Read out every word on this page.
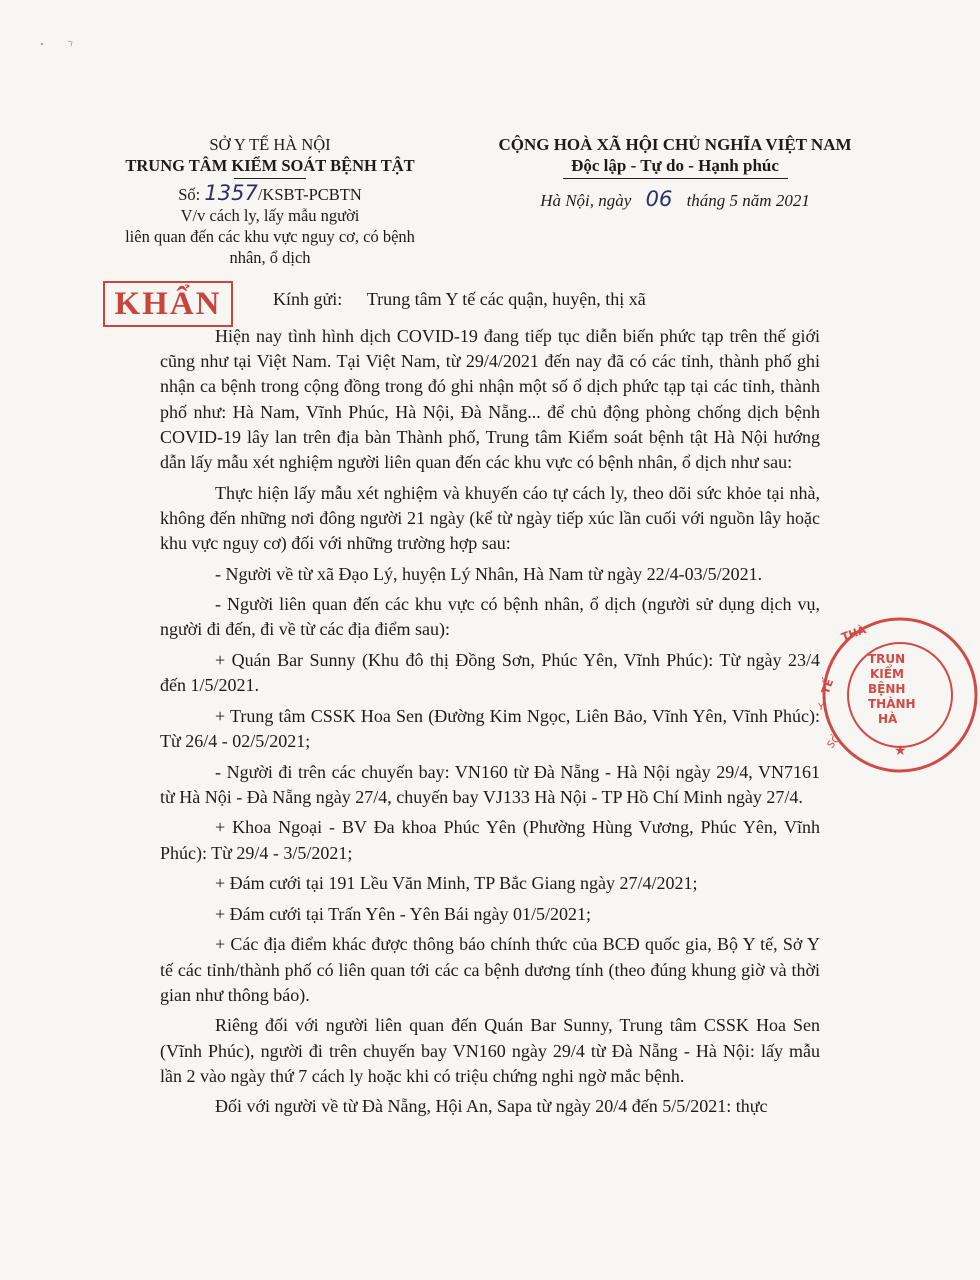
SỞ Y TẾ HÀ NỘI
TRUNG TÂM KIỂM SOÁT BỆNH TẬT
Số: 1357/KSBT-PCBTN
V/v cách ly, lấy mẫu người
liên quan đến các khu vực nguy cơ, có bệnh
nhân, ổ dịch
CỘNG HOÀ XÃ HỘI CHỦ NGHĨA VIỆT NAM
Độc lập - Tự do - Hạnh phúc
Hà Nội, ngày 06 tháng 5 năm 2021
KHẨN	Kính gửi: Trung tâm Y tế các quận, huyện, thị xã

Hiện nay tình hình dịch COVID-19 đang tiếp tục diễn biến phức tạp trên thế giới cũng như tại Việt Nam. Tại Việt Nam, từ 29/4/2021 đến nay đã có các tỉnh, thành phố ghi nhận ca bệnh trong cộng đồng trong đó ghi nhận một số ổ dịch phức tạp tại các tỉnh, thành phố như: Hà Nam, Vĩnh Phúc, Hà Nội, Đà Nẵng... để chủ động phòng chống dịch bệnh COVID-19 lây lan trên địa bàn Thành phố, Trung tâm Kiểm soát bệnh tật Hà Nội hướng dẫn lấy mẫu xét nghiệm người liên quan đến các khu vực có bệnh nhân, ổ dịch như sau:

Thực hiện lấy mẫu xét nghiệm và khuyến cáo tự cách ly, theo dõi sức khỏe tại nhà, không đến những nơi đông người 21 ngày (kể từ ngày tiếp xúc lần cuối với nguồn lây hoặc khu vực nguy cơ) đối với những trường hợp sau:

- Người về từ xã Đạo Lý, huyện Lý Nhân, Hà Nam từ ngày 22/4-03/5/2021.

- Người liên quan đến các khu vực có bệnh nhân, ổ dịch (người sử dụng dịch vụ, người đi đến, đi về từ các địa điểm sau):

+ Quán Bar Sunny (Khu đô thị Đồng Sơn, Phúc Yên, Vĩnh Phúc): Từ ngày 23/4 đến 1/5/2021.

+ Trung tâm CSSK Hoa Sen (Đường Kim Ngọc, Liên Bảo, Vĩnh Yên, Vĩnh Phúc): Từ 26/4 - 02/5/2021;

- Người đi trên các chuyến bay: VN160 từ Đà Nẵng - Hà Nội ngày 29/4, VN7161 từ Hà Nội - Đà Nẵng ngày 27/4, chuyến bay VJ133 Hà Nội - TP Hồ Chí Minh ngày 27/4.

+ Khoa Ngoại - BV Đa khoa Phúc Yên (Phường Hùng Vương, Phúc Yên, Vĩnh Phúc): Từ 29/4 - 3/5/2021;

+ Đám cưới tại 191 Lều Văn Minh, TP Bắc Giang ngày 27/4/2021;

+ Đám cưới tại Trấn Yên - Yên Bái ngày 01/5/2021;

+ Các địa điểm khác được thông báo chính thức của BCĐ quốc gia, Bộ Y tế, Sở Y tế các tỉnh/thành phố có liên quan tới các ca bệnh dương tính (theo đúng khung giờ và thời gian như thông báo).

Riêng đối với người liên quan đến Quán Bar Sunny, Trung tâm CSSK Hoa Sen (Vĩnh Phúc), người đi trên chuyến bay VN160 ngày 29/4 từ Đà Nẵng - Hà Nội: lấy mẫu lần 2 vào ngày thứ 7 cách ly hoặc khi có triệu chứng nghi ngờ mắc bệnh.

Đối với người về từ Đà Nẵng, Hội An, Sapa từ ngày 20/4 đến 5/5/2021: thực

THÀ
TẾ
Y
SỞ
TRUN
KIỂM
BỆNH
THÀNH
HÀ
★
